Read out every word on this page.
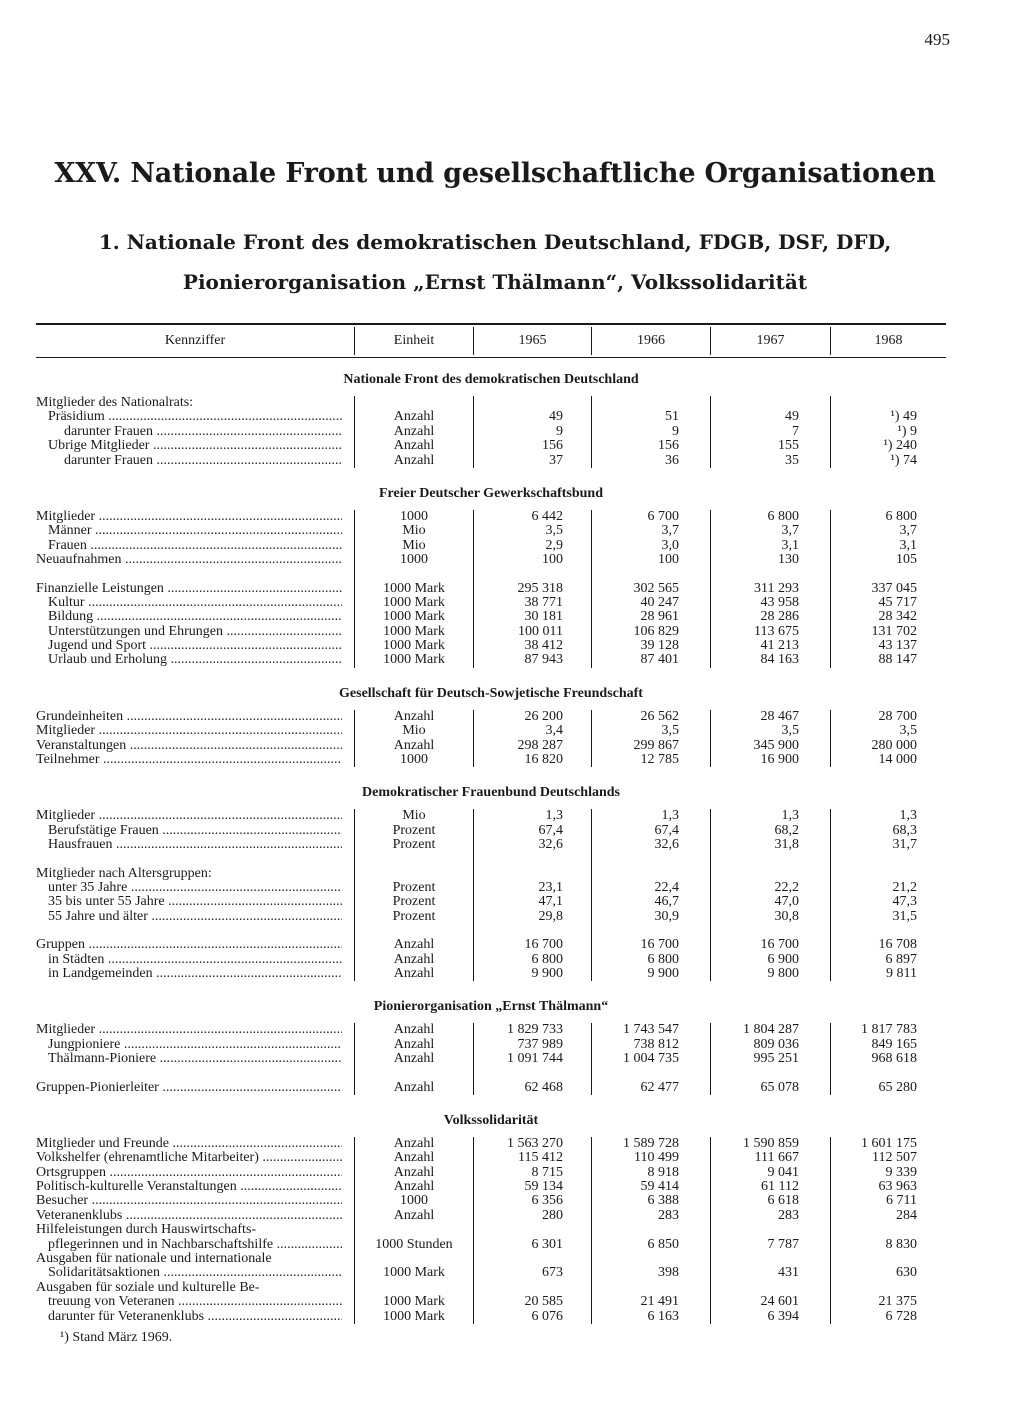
495
XXV. Nationale Front und gesellschaftliche Organisationen
1. Nationale Front des demokratischen Deutschland, FDGB, DSF, DFD,
Pionierorganisation „Ernst Thälmann“, Volkssolidarität
Kennziffer	Einheit	1965	1966	1967	1968
Nationale Front des demokratischen Deutschland
Mitglieder des Nationalrats:
Präsidium .....	Anzahl	49	51	49	¹) 49
darunter Frauen .....	Anzahl	9	9	7	¹) 9
Übrige Mitglieder .....	Anzahl	156	156	155	¹) 240
darunter Frauen .....	Anzahl	37	36	35	¹) 74
Freier Deutscher Gewerkschaftsbund
Mitglieder .....	1000	6 442	6 700	6 800	6 800
Männer .....	Mio	3,5	3,7	3,7	3,7
Frauen .....	Mio	2,9	3,0	3,1	3,1
Neuaufnahmen .....	1000	100	100	130	105
Finanzielle Leistungen .....	1000 Mark	295 318	302 565	311 293	337 045
Kultur .....	1000 Mark	38 771	40 247	43 958	45 717
Bildung .....	1000 Mark	30 181	28 961	28 286	28 342
Unterstützungen und Ehrungen .....	1000 Mark	100 011	106 829	113 675	131 702
Jugend und Sport .....	1000 Mark	38 412	39 128	41 213	43 137
Urlaub und Erholung .....	1000 Mark	87 943	87 401	84 163	88 147
Gesellschaft für Deutsch-Sowjetische Freundschaft
Grundeinheiten .....	Anzahl	26 200	26 562	28 467	28 700
Mitglieder .....	Mio	3,4	3,5	3,5	3,5
Veranstaltungen .....	Anzahl	298 287	299 867	345 900	280 000
Teilnehmer .....	1000	16 820	12 785	16 900	14 000
Demokratischer Frauenbund Deutschlands
Mitglieder .....	Mio	1,3	1,3	1,3	1,3
Berufstätige Frauen .....	Prozent	67,4	67,4	68,2	68,3
Hausfrauen .....	Prozent	32,6	32,6	31,8	31,7
Mitglieder nach Altersgruppen:
unter 35 Jahre .....	Prozent	23,1	22,4	22,2	21,2
35 bis unter 55 Jahre .....	Prozent	47,1	46,7	47,0	47,3
55 Jahre und älter .....	Prozent	29,8	30,9	30,8	31,5
Gruppen .....	Anzahl	16 700	16 700	16 700	16 708
in Städten .....	Anzahl	6 800	6 800	6 900	6 897
in Landgemeinden .....	Anzahl	9 900	9 900	9 800	9 811
Pionierorganisation „Ernst Thälmann“
Mitglieder .....	Anzahl	1 829 733	1 743 547	1 804 287	1 817 783
Jungpioniere .....	Anzahl	737 989	738 812	809 036	849 165
Thälmann-Pioniere .....	Anzahl	1 091 744	1 004 735	995 251	968 618
Gruppen-Pionierleiter .....	Anzahl	62 468	62 477	65 078	65 280
Volkssolidarität
Mitglieder und Freunde .....	Anzahl	1 563 270	1 589 728	1 590 859	1 601 175
Volkshelfer (ehrenamtliche Mitarbeiter) .....	Anzahl	115 412	110 499	111 667	112 507
Ortsgruppen .....	Anzahl	8 715	8 918	9 041	9 339
Politisch-kulturelle Veranstaltungen .....	Anzahl	59 134	59 414	61 112	63 963
Besucher .....	1000	6 356	6 388	6 618	6 711
Veteranenklubs .....	Anzahl	280	283	283	284
Hilfeleistungen durch Hauswirtschafts-
pflegerinnen und in Nachbarschaftshilfe .....	1000 Stunden	6 301	6 850	7 787	8 830
Ausgaben für nationale und internationale
Solidaritätsaktionen .....	1000 Mark	673	398	431	630
Ausgaben für soziale und kulturelle Be-
treuung von Veteranen .....	1000 Mark	20 585	21 491	24 601	21 375
darunter für Veteranenklubs .....	1000 Mark	6 076	6 163	6 394	6 728
¹) Stand März 1969.
